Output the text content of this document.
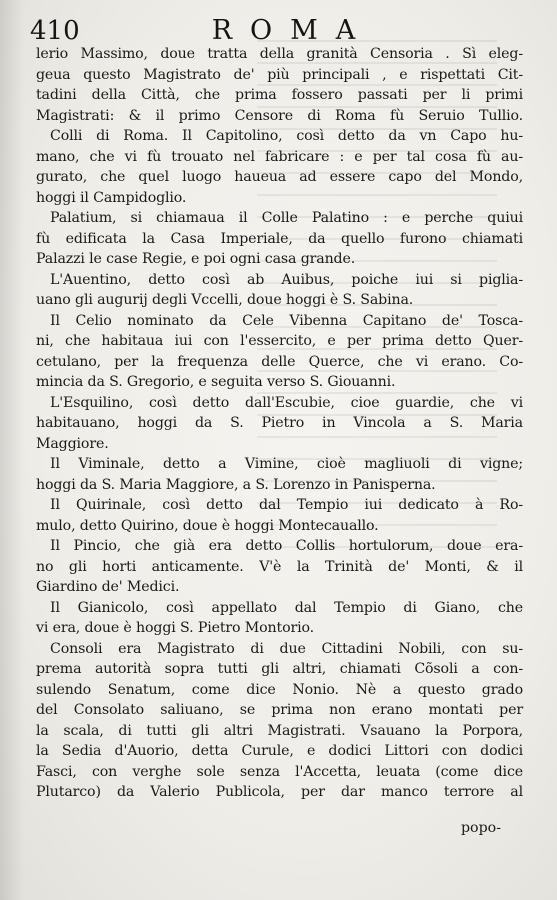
410	ROMA
lerio Massimo, doue tratta della granità Censoria . Sì eleg-
geua questo Magistrato de' più principali , e rispettati Cit-
tadini della Città, che prima fossero passati per li primi
Magistrati: & il primo Censore di Roma fù Seruio Tullio.
Colli di Roma. Il Capitolino, così detto da vn Capo hu-
mano, che vi fù trouato nel fabricare : e per tal cosa fù au-
gurato, che quel luogo haueua ad essere capo del Mondo,
hoggi il Campidoglio.
Palatium, si chiamaua il Colle Palatino : e perche quiui
fù edificata la Casa Imperiale, da quello furono chiamati
Palazzi le case Regie, e poi ogni casa grande.
L'Auentino, detto così ab Auibus, poiche iui si piglia-
uano gli augurij degli Vccelli, doue hoggi è S. Sabina.
Il Celio nominato da Cele Vibenna Capitano de' Tosca-
ni, che habitaua iui con l'essercito, e per prima detto Quer-
cetulano, per la frequenza delle Querce, che vi erano. Co-
mincia da S. Gregorio, e seguita verso S. Giouanni.
L'Esquilino, così detto dall'Escubie, cioe guardie, che vi
habitauano, hoggi da S. Pietro in Vincola a S. Maria
Maggiore.
Il Viminale, detto a Vimine, cioè magliuoli di vigne;
hoggi da S. Maria Maggiore, a S. Lorenzo in Panisperna.
Il Quirinale, così detto dal Tempio iui dedicato à Ro-
mulo, detto Quirino, doue è hoggi Montecauallo.
Il Pincio, che già era detto Collis hortulorum, doue era-
no gli horti anticamente. V'è la Trinità de' Monti, & il
Giardino de' Medici.
Il Gianicolo, così appellato dal Tempio di Giano, che
vi era, doue è hoggi S. Pietro Montorio.
Consoli era Magistrato di due Cittadini Nobili, con su-
prema autorità sopra tutti gli altri, chiamati Cõsoli a con-
sulendo Senatum, come dice Nonio. Nè a questo grado
del Consolato saliuano, se prima non erano montati per
la scala, di tutti gli altri Magistrati. Vsauano la Porpora,
la Sedia d'Auorio, detta Curule, e dodici Littori con dodici
Fasci, con verghe sole senza l'Accetta, leuata (come dice
Plutarco) da Valerio Publicola, per dar manco terrore al
popo-
